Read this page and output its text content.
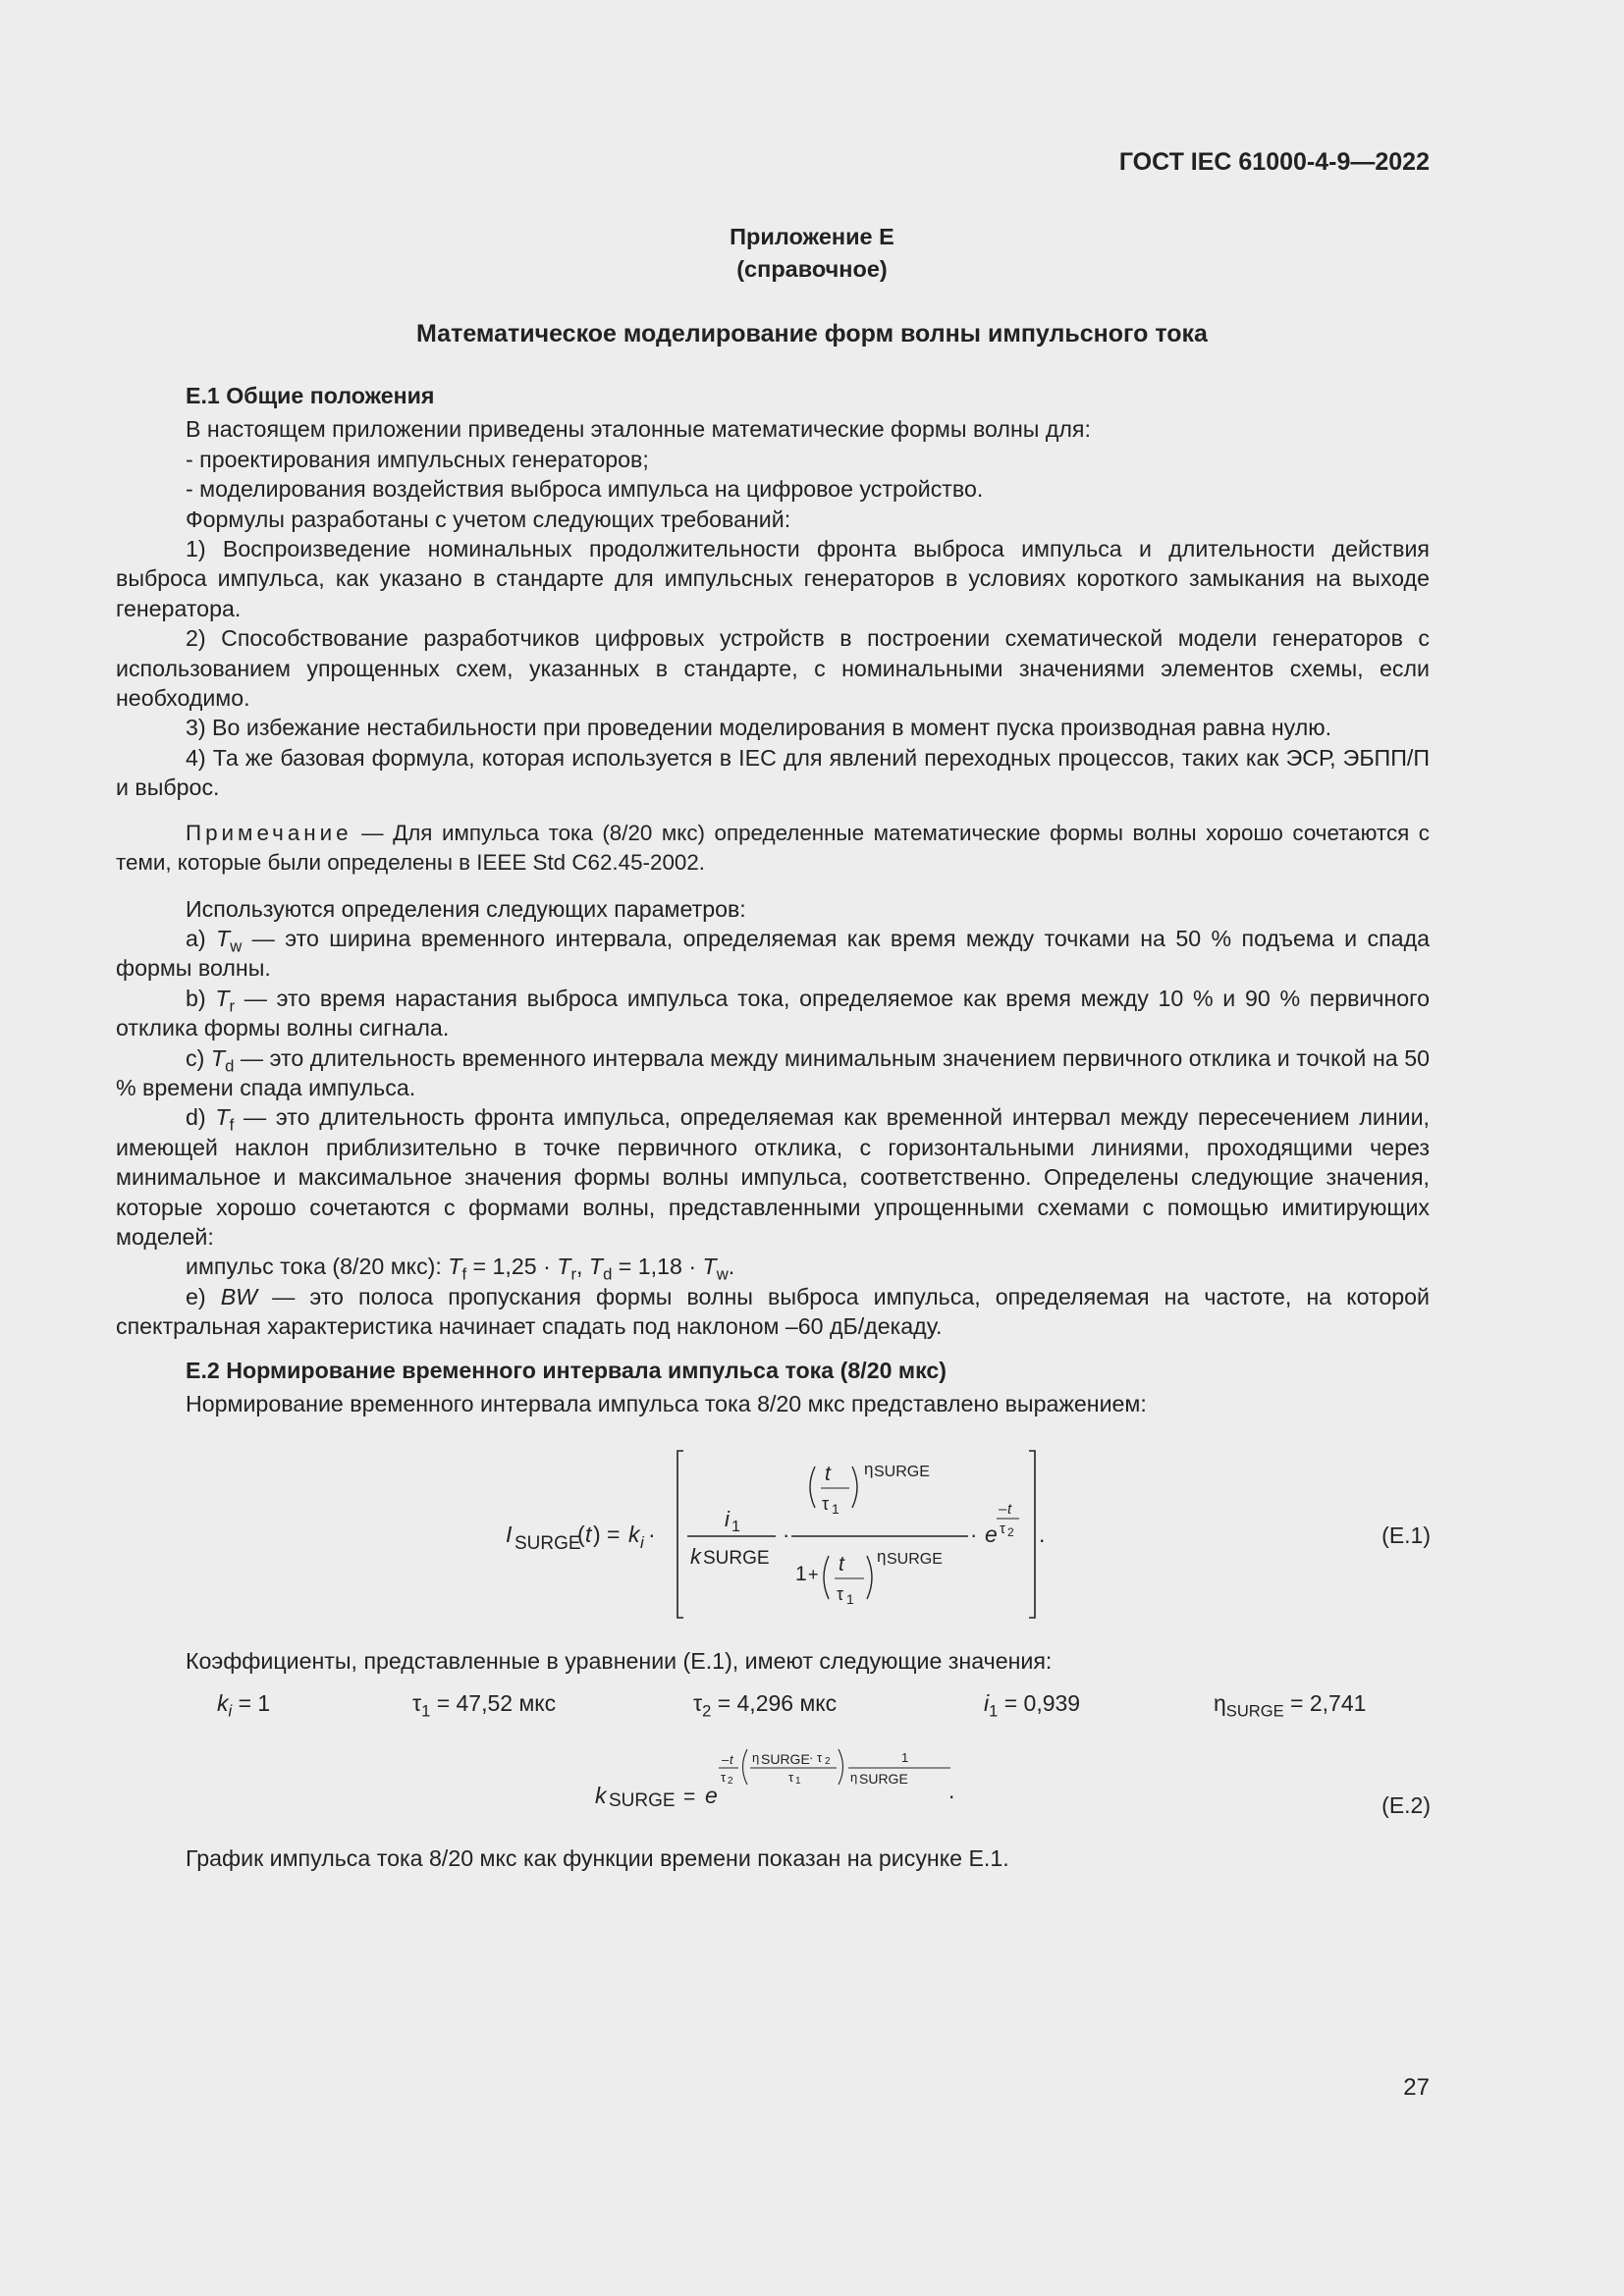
ГОСТ IEC 61000-4-9—2022
Приложение E
(справочное)
Математическое моделирование форм волны импульсного тока

E.1 Общие положения

В настоящем приложении приведены эталонные математические формы волны для:

- проектирования импульсных генераторов;

- моделирования воздействия выброса импульса на цифровое устройство.

Формулы разработаны с учетом следующих требований:

1) Воспроизведение номинальных продолжительности фронта выброса импульса и длительности действия выброса импульса, как указано в стандарте для импульсных генераторов в условиях короткого замыкания на выходе генератора.

2) Способствование разработчиков цифровых устройств в построении схематической модели генераторов с использованием упрощенных схем, указанных в стандарте, с номинальными значениями элементов схемы, если необходимо.

3) Во избежание нестабильности при проведении моделирования в момент пуска производная равна нулю.

4) Та же базовая формула, которая используется в IEC для явлений переходных процессов, таких как ЭСР, ЭБПП/П и выброс.

Примечание — Для импульса тока (8/20 мкс) определенные математические формы волны хорошо сочетаются с теми, которые были определены в IEEE Std C62.45-2002.

Используются определения следующих параметров:

a) $T_w$ — это ширина временного интервала, определяемая как время между точками на 50 % подъема и спада формы волны.

b) $T_r$ — это время нарастания выброса импульса тока, определяемое как время между 10 % и 90 % первичного отклика формы волны сигнала.

c) $T_d$ — это длительность временного интервала между минимальным значением первичного отклика и точкой на 50 % времени спада импульса.

d) $T_f$ — это длительность фронта импульса, определяемая как временной интервал между пересечением линии, имеющей наклон приблизительно в точке первичного отклика, с горизонтальными линиями, проходящими через минимальное и максимальное значения формы волны импульса, соответственно. Определены следующие значения, которые хорошо сочетаются с формами волны, представленными упрощенными схемами с помощью имитирующих моделей:

импульс тока (8/20 мкс): $T_f = 1,25 \cdot T_r$, $T_d = 1,18 \cdot T_w$.

e) BW — это полоса пропускания формы волны выброса импульса, определяемая на частоте, на которой спектральная характеристика начинает спадать под наклоном –60 дБ/декаду.

E.2 Нормирование временного интервала импульса тока (8/20 мкс)

Нормирование временного интервала импульса тока 8/20 мкс представлено выражением:

I SURGE
( t ) = k i ·
i 1
k SURGE
·
t
τ 1
η SURGE
1 + t
τ 1
η SURGE
· e
– t
τ 2 .	(E.1)

Коэффициенты, представленные в уравнении (E.1), имеют следующие значения:

$k_i = 1$	$\tau_1 = 47,52$ мкс	$\tau_2 = 4,296$ мкс	$i_1 = 0,939$	$\eta_{SURGE} = 2,741$
k SURGE = e
– t
τ 2
η SURGE · τ 2
τ 1
1
η SURGE .
(E.2)

График импульса тока 8/20 мкс как функции времени показан на рисунке E.1.

27
